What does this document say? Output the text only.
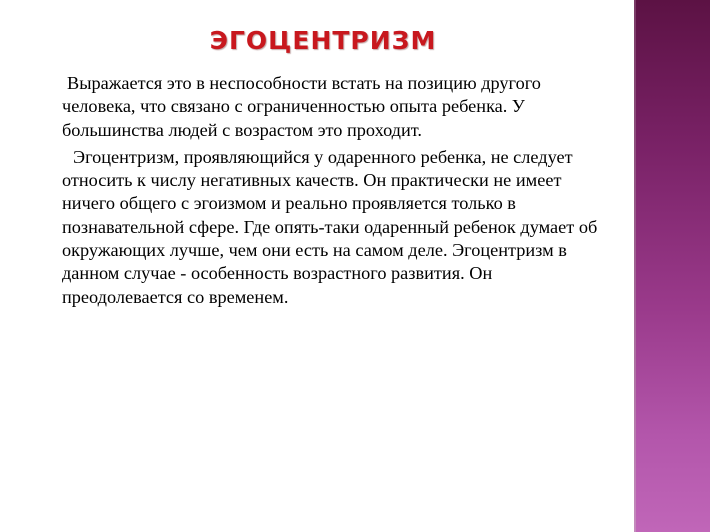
ЭГОЦЕНТРИЗМ

Выражается это в неспособности встать на позицию другого человека, что связано с ограниченностью опыта ребенка. У большинства людей с возрастом это проходит.

Эгоцентризм, проявляющийся у одаренного ребенка, не следует относить к числу негативных качеств. Он практически не имеет ничего общего с эгоизмом и реально проявляется только в познавательной сфере. Где опять-таки одаренный ребенок думает об окружающих лучше, чем они есть на самом деле. Эгоцентризм в данном случае - особенность возрастного развития. Он преодолевается со временем.
